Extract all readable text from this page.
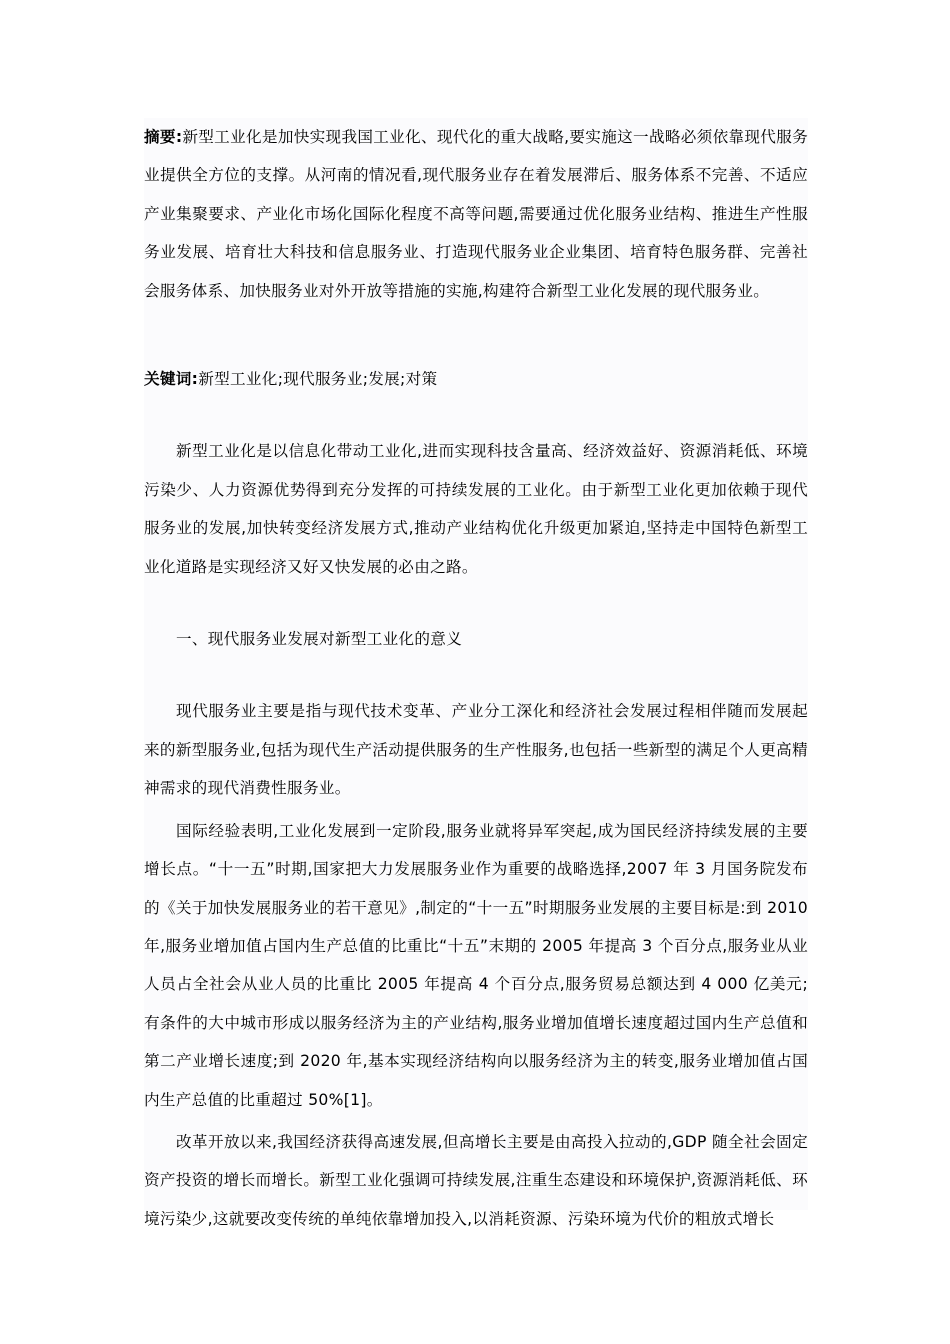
摘要:新型工业化是加快实现我国工业化、现代化的重大战略,要实施这一战略必须依靠现代服务业提供全方位的支撑。从河南的情况看,现代服务业存在着发展滞后、服务体系不完善、不适应产业集聚要求、产业化市场化国际化程度不高等问题,需要通过优化服务业结构、推进生产性服务业发展、培育壮大科技和信息服务业、打造现代服务业企业集团、培育特色服务群、完善社会服务体系、加快服务业对外开放等措施的实施,构建符合新型工业化发展的现代服务业。

关键词:新型工业化;现代服务业;发展;对策

新型工业化是以信息化带动工业化,进而实现科技含量高、经济效益好、资源消耗低、环境污染少、人力资源优势得到充分发挥的可持续发展的工业化。由于新型工业化更加依赖于现代服务业的发展,加快转变经济发展方式,推动产业结构优化升级更加紧迫,坚持走中国特色新型工业化道路是实现经济又好又快发展的必由之路。

一、现代服务业发展对新型工业化的意义

现代服务业主要是指与现代技术变革、产业分工深化和经济社会发展过程相伴随而发展起来的新型服务业,包括为现代生产活动提供服务的生产性服务,也包括一些新型的满足个人更高精神需求的现代消费性服务业。

国际经验表明,工业化发展到一定阶段,服务业就将异军突起,成为国民经济持续发展的主要增长点。“十一五”时期,国家把大力发展服务业作为重要的战略选择,2007 年 3 月国务院发布的《关于加快发展服务业的若干意见》,制定的“十一五”时期服务业发展的主要目标是:到 2010 年,服务业增加值占国内生产总值的比重比“十五”末期的 2005 年提高 3 个百分点,服务业从业人员占全社会从业人员的比重比 2005 年提高 4 个百分点,服务贸易总额达到 4 000 亿美元;有条件的大中城市形成以服务经济为主的产业结构,服务业增加值增长速度超过国内生产总值和第二产业增长速度;到 2020 年,基本实现经济结构向以服务经济为主的转变,服务业增加值占国内生产总值的比重超过 50%[1]。

改革开放以来,我国经济获得高速发展,但高增长主要是由高投入拉动的,GDP 随全社会固定资产投资的增长而增长。新型工业化强调可持续发展,注重生态建设和环境保护,资源消耗低、环境污染少,这就要改变传统的单纯依靠增加投入,以消耗资源、污染环境为代价的粗放式增长
